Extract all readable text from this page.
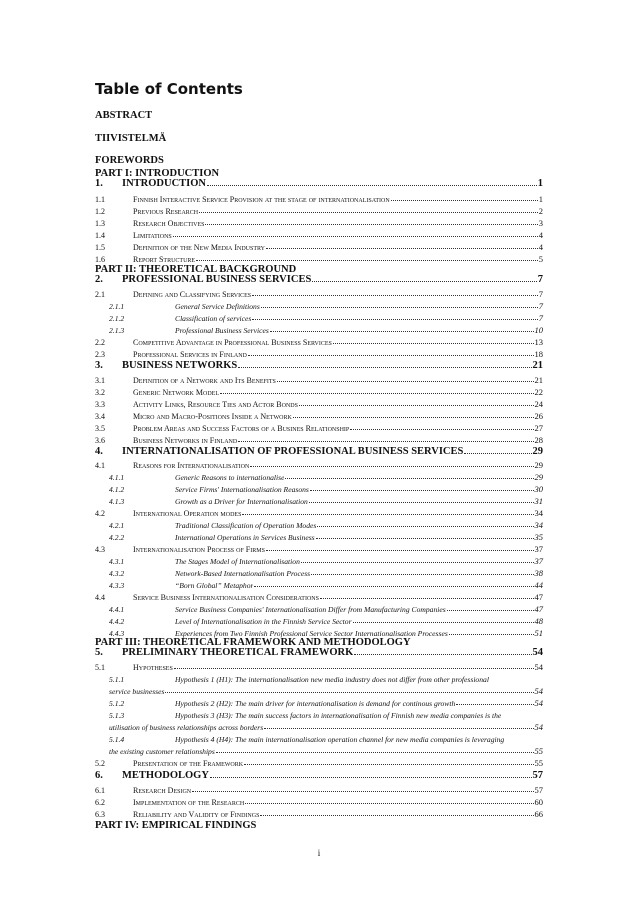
Table of Contents
ABSTRACT
TIIVISTELMÄ
FOREWORDS
PART I: INTRODUCTION
1.	INTRODUCTION	1
1.1	Finnish Interactive Service Provision at the stage of internationalisation	1
1.2	Previous Research	2
1.3	Research Objectives	3
1.4	Limitations	4
1.5	Definition of the New Media Industry	4
1.6	Report Structure	5
PART II: THEORETICAL BACKGROUND
2.	PROFESSIONAL BUSINESS SERVICES	7
2.1	Defining and Classifying Services	7
2.1.1	General Service Definitions	7
2.1.2	Classification of services	7
2.1.3	Professional Business Services	10
2.2	Competitive Advantage in Professional Business Services	13
2.3	Professional Services in Finland	18
3.	BUSINESS NETWORKS	21
3.1	Definition of a Network and Its Benefits	21
3.2	Generic Network Model	22
3.3	Activity Links, Resource Ties and Actor Bonds	24
3.4	Micro and Macro-Positions Inside a Network	26
3.5	Problem Areas and Success Factors of a Busines Relationship	27
3.6	Business Networks in Finland	28
4.	INTERNATIONALISATION OF PROFESSIONAL BUSINESS SERVICES	29
4.1	Reasons for Internationalisation	29
4.1.1	Generic Reasons to internationalise	29
4.1.2	Service Firms' Internationalisation Reasons	30
4.1.3	Growth as a Driver for Internationalisation	31
4.2	International Operation modes	34
4.2.1	Traditional Classification of Operation Modes	34
4.2.2	International Operations in Services Business	35
4.3	Internationalisation Process of Firms	37
4.3.1	The Stages Model of Internationalisation	37
4.3.2	Network-Based Internationalisation Process	38
4.3.3	“Born Global” Metaphor	44
4.4	Service Business Internationalisation Considerations	47
4.4.1	Service Business Companies' Internationalisation Differ from Manufacturing Companies	47
4.4.2	Level of Internationalisation in the Finnish Service Sector	48
4.4.3	Experiences from Two Finnish Professional Service Sector Internationalisation Processes	51
PART III: THEORETICAL FRAMEWORK AND METHODOLOGY
5.	PRELIMINARY THEORETICAL FRAMEWORK	54
5.1	Hypotheses	54
5.1.1	Hypothesis 1 (H1): The internationalisation new media industry does not differ from other professional
service businesses	54
5.1.2	Hypothesis 2 (H2): The main driver for internationalisation is demand for continous growth	54
5.1.3	Hypothesis 3 (H3): The main success factors in internationalisation of Finnish new media companies is the
utilisation of business relationships across borders	54
5.1.4	Hypothesis 4 (H4): The main internationalisation operation channel for new media companies is leveraging
the existing customer relationships	55
5.2	Presentation of the Framework	55
6.	METHODOLOGY	57
6.1	Research Design	57
6.2	Implementation of the Research	60
6.3	Reliability and Validity of Findings	66
PART IV: EMPIRICAL FINDINGS
i
